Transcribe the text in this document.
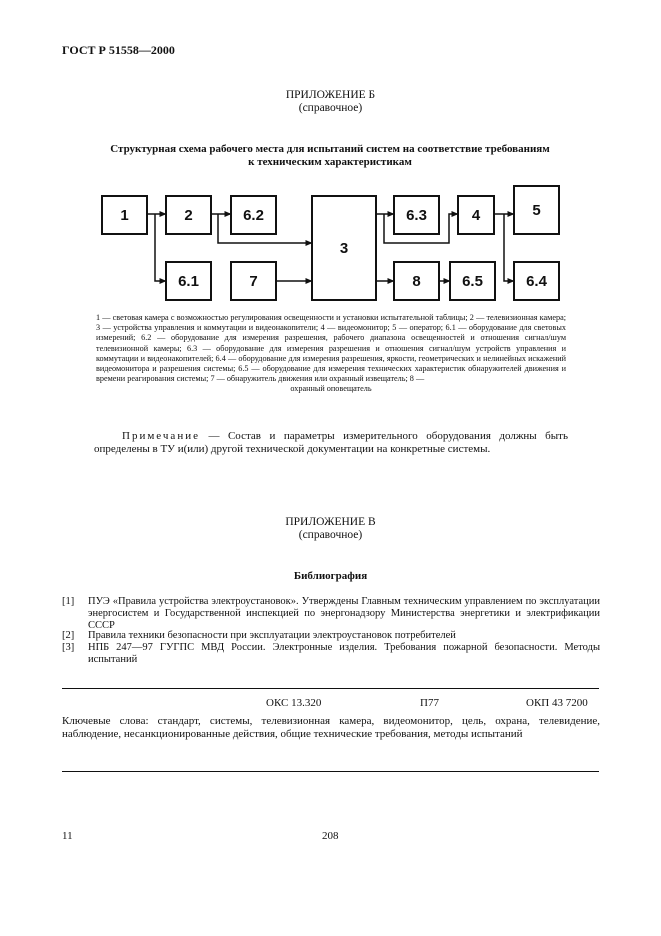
ГОСТ Р 51558—2000
ПРИЛОЖЕНИЕ Б
(справочное)
Структурная схема рабочего места для испытаний систем на соответствие требованиям
к техническим характеристикам
1	2	6.2
3
6.3	4	5
6.1	7	8	6.5	6.4
1 — световая камера с возможностью регулирования освещенности и установки испытательной таблицы; 2 — телевизионная камера; 3 — устройства управления и коммутации и видеонакопители; 4 — видеомонитор; 5 — оператор; 6.1 — оборудование для световых измерений; 6.2 — оборудование для измерения разрешения, рабочего диапазона освещенностей и отношения сигнал/шум телевизионной камеры; 6.3 — оборудование для измерения разрешения и отношения сигнал/шум устройств управления и коммутации и видеонакопителей; 6.4 — оборудование для измерения разрешения, яркости, геометрических и нелинейных искажений видеомонитора и разрешения системы; 6.5 — оборудование для измерения технических характеристик обнаружителей движения и времени реагирования системы; 7 — обнаружитель движения или охранный извещатель; 8 —
охранный оповещатель
Примечание — Состав и параметры измерительного оборудования должны быть определены в ТУ и(или) другой технической документации на конкретные системы.
ПРИЛОЖЕНИЕ В
(справочное)
Библиография
[1] ПУЭ «Правила устройства электроустановок». Утверждены Главным техническим управлением по эксплуатации энергосистем и Государственной инспекцией по энергонадзору Министерства энергетики и электрификации СССР
[2] Правила техники безопасности при эксплуатации электроустановок потребителей
[3] НПБ 247—97 ГУГПС МВД России. Электронные изделия. Требования пожарной безопасности. Методы испытаний
ОКС 13.320	П77	ОКП 43 7200
Ключевые слова: стандарт, системы, телевизионная камера, видеомонитор, цель, охрана, телевидение, наблюдение, несанкционированные действия, общие технические требования, методы испытаний
11	208
